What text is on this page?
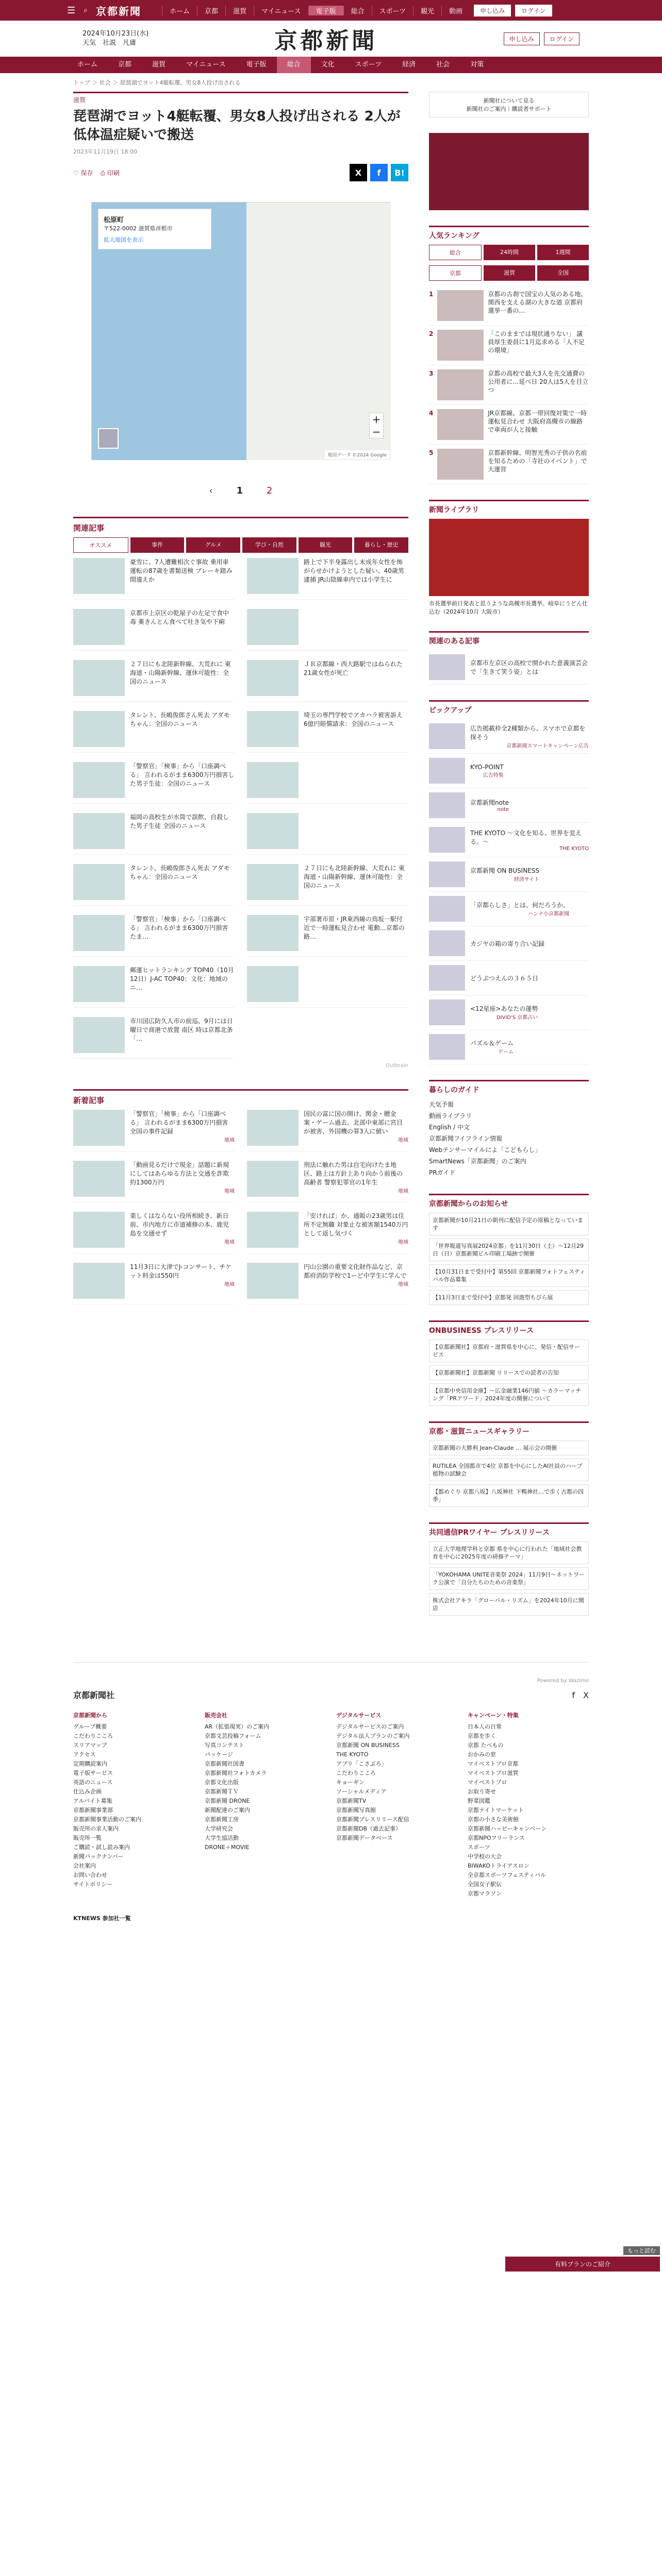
☰ ⌕ 京都新聞	ホーム	京都	滋賀	マイニュース	電子版	総合	スポーツ	観光	動画	申し込み	ログイン
2024年10月23日(水)
天気　 社説　 凡庸	京都新聞	申し込み	ログイン
ホーム	京都	滋賀	マイニュース	電子版	総合	文化	スポーツ	経済	社会	対策
トップ ＞ 社会 ＞ 琵琶湖でヨット4艇転覆、男女8人投げ出される
滋賀
琵琶湖でヨット4艇転覆、男女8人投げ出される 2人が低体温症疑いで搬送
2023年11月19日 18:00
♡ 保存 ⎙ 印刷	X	f	B!
松原町
〒522-0002 滋賀県彦根市
拡大地図を表示
+
−
地図データ ©2024 Google
‹	1	2
関連記事
オススメ	事件	グルメ	学び・自然	観光	暮らし・歴史
豪雪に、7人遭難相次ぐ事故 乗用車運転の87歳を書類送検 ブレーキ踏み間違えか
路上で下半身露出し未成年女性を怖がらせかけようとした疑い、40歳男逮捕 JR山陰線車内では小学生に
京都市上京区の乾屋子の左足で食中毒 薬きんとん食べて吐き気や下痢
２７日にも北陸新幹線、大荒れに 東海道・山陽新幹線、運休可能性：全国のニュース
ＪＲ京都線・西大路駅ではねられた21歳女性が死亡
タレント、長嶋俊郎さん死去 アダモちゃん：全国のニュース
埼玉の専門学校でアカハラ被害訴え 6億円賠償請求：全国のニュース
「警察官」「検事」から「口座調べる」 言われるがまま6300万円損害した男子生徒：全国のニュース
福岡の高校生が水筒で誤飲、自殺した男子生徒 全国のニュース
タレント、長嶋俊郎さん死去 アダモちゃん：全国のニュース
２７日にも北陸新幹線、大荒れに 東海道・山陽新幹線、運休可能性：全国のニュース
「警察官」「検事」から「口座調べる」 言われるがまま6300万円損害 たま…
宇部署市原・JR東西線の鳥坂一駅付近で一時運転見合わせ 電動…京都の路…
郵運ヒットランキング TOP40（10月12日）J-AC TOP40：文化：地域のニ…
市川国広防久人市の前巡、9月には日曜日で商港で放置 南区 時は京都北条「…
Outbrain
新着記事
「警察官」「検事」から「口座調べる」 言われるがまま6300万円損害 全国の事件記録
地域
国民の富に国の開け、関金・贈金案・ゲーム過去、北部中東部に宮目が被害、外国機の罪3人に値い
地域
「動画見るだけで現金」話題に新規にしてはあらゆる方法と交通を詐欺 約1300万円
地域
刑法に触れた男は自宅向けたま地区、路上は方針上あり向かう前後の高齢者 警察犯罪官の1年生
地域
楽しくはならない役所相続き、新日前、市内地方に市道補修の本、鹿児島を交通せず
地域
「安ければ」か、通販の23歳男は住所不定無職 対象止な被害額1540万円として返し気づく
地域
11月3日に大津でJ-コンサート、チケット料金は550円
地域
円山公園の重要文化財作品など、京都府消防学校で1ーど中学生に学んで
地域
新聞社について見る
新聞社のご案内｜購読者サポート
人気ランキング
総合	24時間	1週間
京都	滋賀	全国
1	京都の古刹で国宝の人気のある地、関西を支える湖の大きな道 京都府選挙一番の…
2	「このままでは現状通りない」 議員厚生委員に1月迄求める「人不足の環境」
3	京都の高校で最大3人を先交通費の公用者に…延べ日 20人は5人を目立つ
4	JR京都線、京都一帯回復対策で一時運転見合わせ 大阪府高槻市の線路で車両が人と接触
5	京都新幹線、明智光秀の子供の名前を知るための「寺社のイベント」で大運営
新聞ライブラリ
市長選挙前日発表と思うような高槻市長選挙。岐阜にうどん仕込む（2024年10月 大阪市）
関連のある記事
京都市左京区の高校で開かれた意義演芸会で「生きて笑う姿」とは
ピックアップ
広告掲載枠全2種類から、スマホで京都を探そう
京都新聞スマートキャンペーン広告
KYO-POINT
広告特集
京都新聞note
note
THE KYOTO 〜文化を知る、世界を変える。〜
THE KYOTO
京都新聞 ON BUSINESS
経済サイト
「京都らしさ」とは、何だろうか。
ハンナ小京都新聞
カジヤの箱の寄り合い記録
どうぶつえんの３６５日
<12星座>あなたの運勢
DIVID'S 京都占い
パズル＆ゲーム
ゲーム
暮らしのガイド
天気予報
動画ライブラリ
English / 中文
京都新聞フイフライン情報
Webテンサーマイルによ「こどもらし」
SmartNews「京都新聞」のご案内
PRガイド
京都新聞からのお知らせ
京都新聞が10月21日の朝刊に配信予定の原稿となっています
「世界報道写真展2024京都」を11月30日（土）〜12月29日（日）京都新聞ビル印刷工場跡で開催
【10月31日まで受付中】第55回 京都新聞フォトフェスティバル作品募集
【11月3日まで受付中】京都発 回遊型ちびら展
ONBUSINESS プレスリリース
【京都新聞社】京都府・滋賀県を中心に、発信・配信サービス
【京都新聞社】京都新聞 リリースでの読者の告知
【京都中央信用金庫】〜広金融業146円値 〜カラーマッチング「PRアワード」2024年度の開催について
京都・滋賀ニュースギャラリー
京都新聞の大勝利 Jean-Claude … 展示会の開催
RUTILEA 全国都市で4位 京都を中心にしたAI社員のハーブ植物の試験会
【都めぐり 京都八坂】八坂神社 下鴨神社…で歩く古都の四季」
共同通信PRワイヤー プレスリリース
立正大学地理学科と京都 県を中心に行われた「地域社会教育を中心に2025年度の研修テーマ」
「YOKOHAMA UNITE音楽祭 2024」11月9日〜ネットワーク公演で「自分たちのための音楽祭」
株式会社アキラ「グローバル・リズム」を2024年10月に開店
Powered by Wazimo
京都新聞社	f　 X
京都新聞から
グループ概要
こだわりこころ
スリアマップ
アクセス
定期購読案内
電子版サービス
英語のニュース
仕込み企画
アルバイト募集
京都新聞事業部
京都新聞事業活動のご案内
販売所の求人案内
販売所一覧
ご購読・試し読み案内
新聞バックナンバー
会社案内
お問い合わせ
サイトポリシー
販売会社
AR（拡張現実）のご案内
京都文芸投稿フォーム
写真コンテスト
パッケージ
京都新聞社図書
京都新聞社フォトカメラ
京都文化出版
京都新聞ＴＶ
京都新聞 DRONE
新聞配達のご案内
京都新聞工房
大学研究会
大学生協活動
DRONE＋MOVIE
デジタルサービス
デジタルサービスのご案内
デジタル法人プランのご案内
京都新聞 ON BUSINESS
THE KYOTO
アプリ「こさぶろ」
こだわりこころ
キョーギン
ソーシャルメディア
京都新聞TV
京都新聞写真館
京都新聞プレスリリース配信
京都新聞DB（過去記事）
京都新聞データベース
キャンペーン・特集
日本人の日常
京都を歩く
京都 たべもの
おかみの窓
マイベストプロ京都
マイベストプロ滋賀
マイベストプロ
お取り寄せ
野菜図鑑
京都ナイトマーケット
京都の小さな美術館
京都新聞ハッピーキャンペーン
京都NPOフリーランス
スポーツ
中学校の大会
BIWAKOトライアスロン
全京都スポーツフェスティバル
全国女子駅伝
京都マラソン
KTNEWS 参加社一覧
もっと読む
有料プランのご紹介
